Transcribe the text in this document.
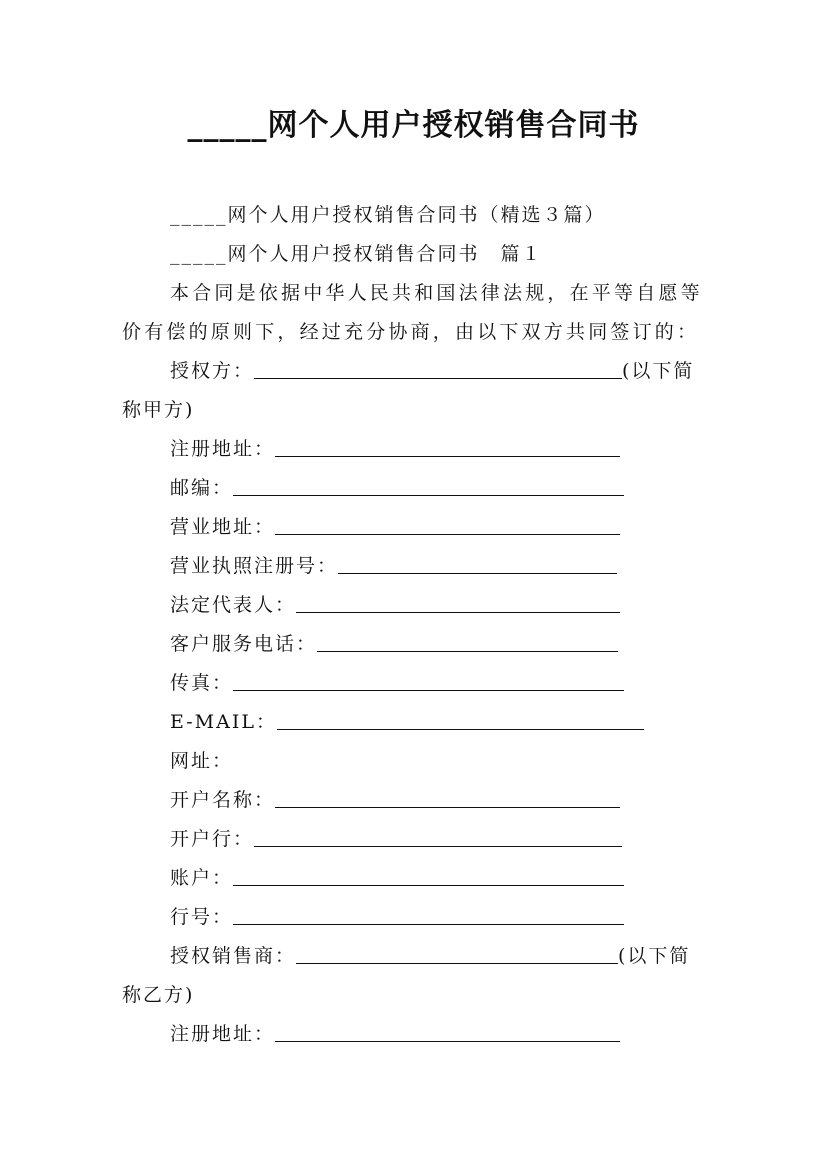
_____网个人用户授权销售合同书
_____网个人用户授权销售合同书（精选３篇）
_____网个人用户授权销售合同书　篇１
本合同是依据中华人民共和国法律法规，在平等自愿等
价有偿的原则下，经过充分协商，由以下双方共同签订的：
授权方：	(以下简
称甲方)
注册地址：
邮编：
营业地址：
营业执照注册号：
法定代表人：
客户服务电话：
传真：
E-MAIL：
网址：
开户名称：
开户行：
账户：
行号：
授权销售商：	(以下简
称乙方)
注册地址：
